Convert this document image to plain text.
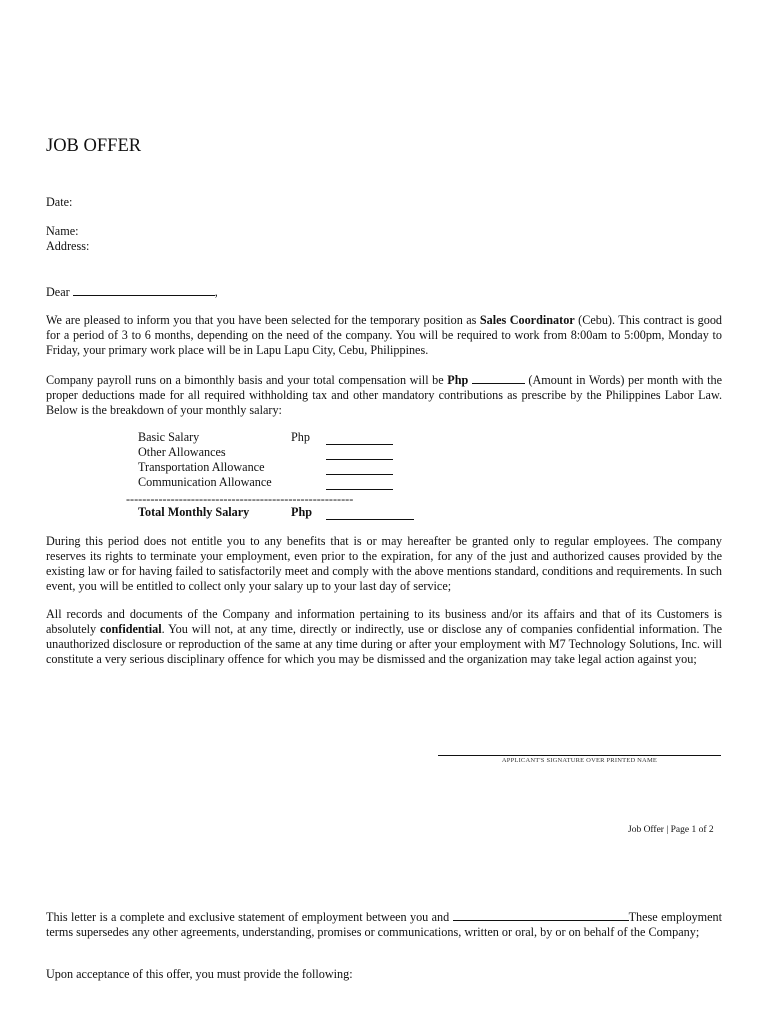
JOB OFFER
Date:
Name:
Address:
Dear	,
We are pleased to inform you that you have been selected for the temporary position as Sales Coordinator (Cebu). This contract is good for a period of 3 to 6 months, depending on the need of the company. You will be required to work from 8:00am to 5:00pm, Monday to Friday, your primary work place will be in Lapu Lapu City, Cebu, Philippines.
Company payroll runs on a bimonthly basis and your total compensation will be Php	(Amount in Words) per month with the proper deductions made for all required withholding tax and other mandatory contributions as prescribe by the Philippines Labor Law. Below is the breakdown of your monthly salary:
Basic Salary	Php
Other Allowances
Transportation Allowance
Communication Allowance
--------------------------------------------------------
Total Monthly Salary	Php
During this period does not entitle you to any benefits that is or may hereafter be granted only to regular employees. The company reserves its rights to terminate your employment, even prior to the expiration, for any of the just and authorized causes provided by the existing law or for having failed to satisfactorily meet and comply with the above mentions standard, conditions and requirements. In such event, you will be entitled to collect only your salary up to your last day of service;
All records and documents of the Company and information pertaining to its business and/or its affairs and that of its Customers is absolutely confidential. You will not, at any time, directly or indirectly, use or disclose any of companies confidential information. The unauthorized disclosure or reproduction of the same at any time during or after your employment with M7 Technology Solutions, Inc. will constitute a very serious disciplinary offence for which you may be dismissed and the organization may take legal action against you;
APPLICANT'S SIGNATURE OVER PRINTED NAME
Job Offer | Page 1 of 2
This letter is a complete and exclusive statement of employment between you and	These employment terms supersedes any other agreements, understanding, promises or communications, written or oral, by or on behalf of the Company;
Upon acceptance of this offer, you must provide the following:
